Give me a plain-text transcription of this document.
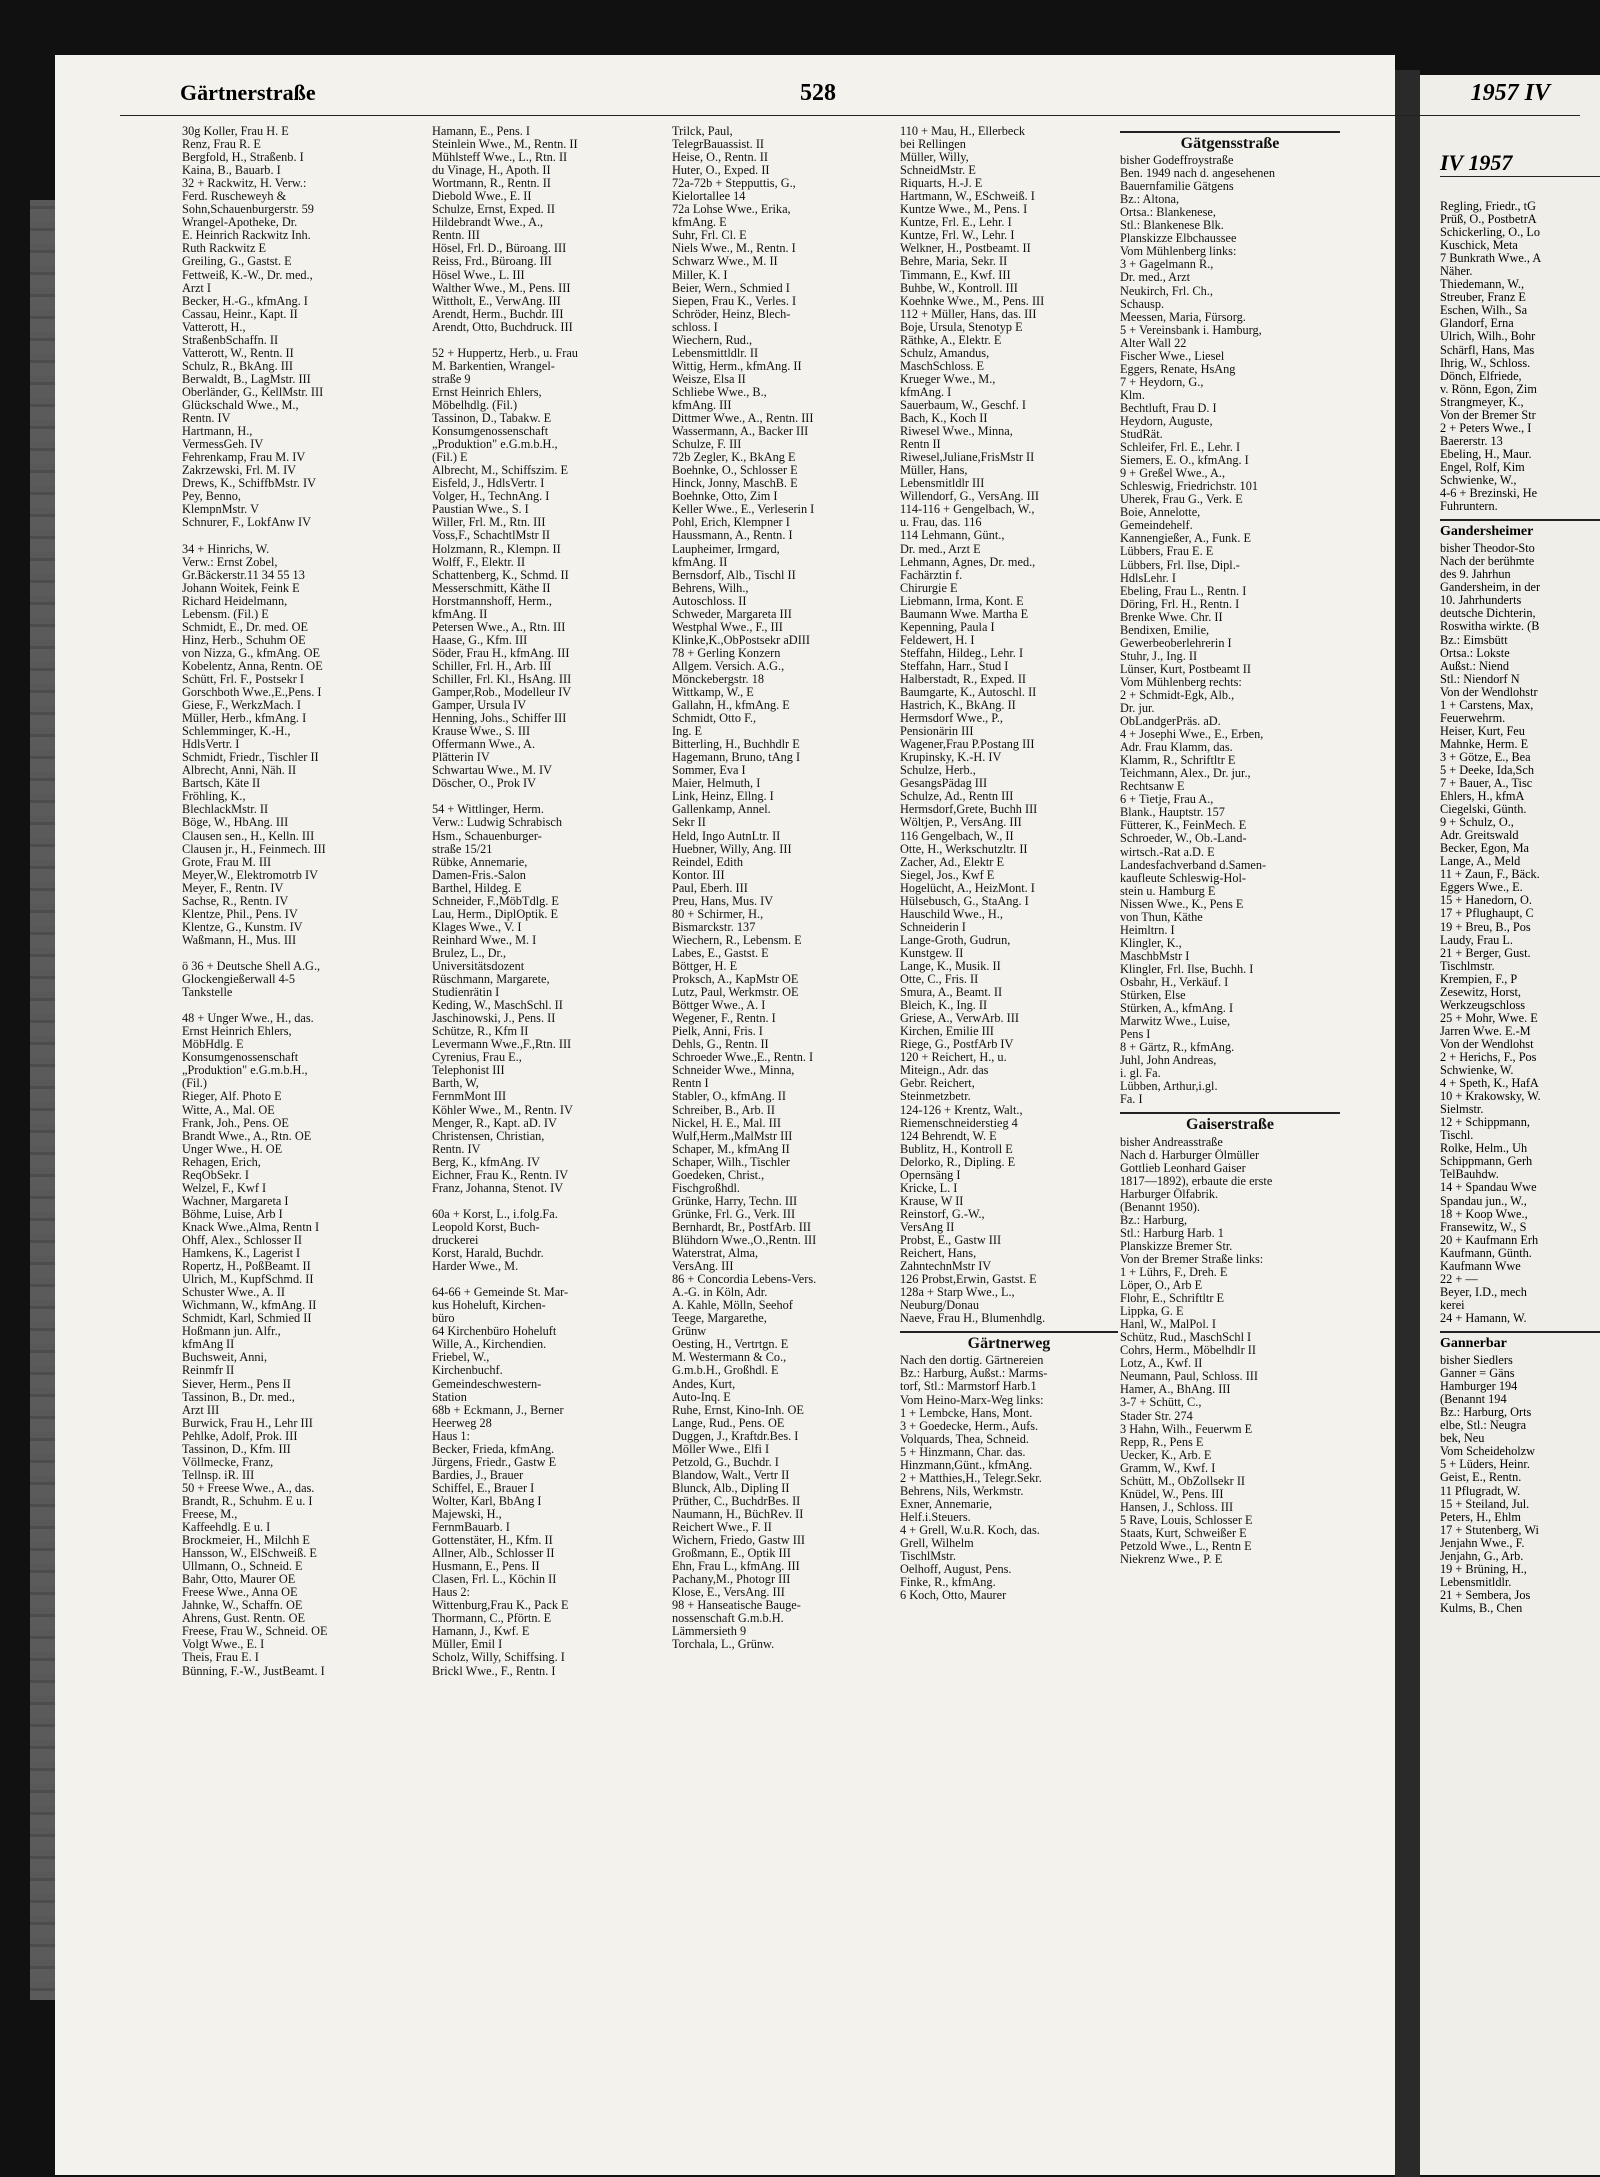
IV 1957
Regling, Friedr., tG
Prüß, O., PostbetrA
Schickerling, O., Lo
Kuschick, Meta
7 Bunkrath Wwe., A
Näher.
Thiedemann, W.,
Streuber, Franz E
Eschen, Wilh., Sa
Glandorf, Erna
Ulrich, Wilh., Bohr
Schärfl, Hans, Mas
Ihrig, W., Schloss.
Dönch, Elfriede,
v. Rönn, Egon, Zim
Strangmeyer, K.,
Von der Bremer Str
2 + Peters Wwe., I
Baererstr. 13
Ebeling, H., Maur.
Engel, Rolf, Kim
Schwienke, W.,
4-6 + Brezinski, He
Fuhruntern.
Gandersheimer
bisher Theodor-Sto
Nach der berühmte
des 9. Jahrhun
Gandersheim, in der
10. Jahrhunderts
deutsche Dichterin,
Roswitha wirkte. (B
Bz.: Eimsbütt
Ortsa.: Lokste
Außst.: Niend
Stl.: Niendorf N
Von der Wendlohstr
1 + Carstens, Max,
Feuerwehrm.
Heiser, Kurt, Feu
Mahnke, Herm. E
3 + Götze, E., Bea
5 + Deeke, Ida,Sch
7 + Bauer, A., Tisc
Ehlers, H., kfmA
Ciegelski, Günth.
9 + Schulz, O.,
Adr. Greitswald
Becker, Egon, Ma
Lange, A., Meld
11 + Zaun, F., Bäck.
Eggers Wwe., E.
15 + Hanedorn, O.
17 + Pflughaupt, C
19 + Breu, B., Pos
Laudy, Frau L.
21 + Berger, Gust.
Tischlmstr.
Krempien, F., P
Zesewitz, Horst,
Werkzeugschloss
25 + Mohr, Wwe. E
Jarren Wwe. E.-M
Von der Wendlohst
2 + Herichs, F., Pos
Schwienke, W.
4 + Speth, K., HafA
10 + Krakowsky, W.
Sielmstr.
12 + Schippmann,
Tischl.
Rolke, Helm., Uh
Schippmann, Gerh
TelBauhdw.
14 + Spandau Wwe
Spandau jun., W.,
18 + Koop Wwe.,
Fransewitz, W., S
20 + Kaufmann Erh
Kaufmann, Günth.
Kaufmann Wwe
22 + —
Beyer, I.D., mech
kerei
24 + Hamann, W.
Gannerbar
bisher Siedlers
Ganner = Gäns
Hamburger 194
(Benannt 194
Bz.: Harburg, Orts
elbe, Stl.: Neugra
bek, Neu
Vom Scheideholzw
5 + Lüders, Heinr.
Geist, E., Rentn.
11 Pflugradt, W.
15 + Steiland, Jul.
Peters, H., Ehlm
17 + Stutenberg, Wi
Jenjahn Wwe., F.
Jenjahn, G., Arb.
19 + Brüning, H.,
Lebensmitldlr.
21 + Sembera, Jos
Kulms, B., Chen
Gärtnerstraße	528	1957 IV
30g Koller, Frau H. E
Renz, Frau R. E
Bergfold, H., Straßenb. I
Kaina, B., Bauarb. I
32 + Rackwitz, H. Verw.:
Ferd. Ruscheweyh &
Sohn,Schauenburgerstr. 59
Wrangel-Apotheke, Dr.
E. Heinrich Rackwitz Inh.
Ruth Rackwitz E
Greiling, G., Gastst. E
Fettweiß, K.-W., Dr. med.,
Arzt I
Becker, H.-G., kfmAng. I
Cassau, Heinr., Kapt. II
Vatterott, H.,
StraßenbSchaffn. II
Vatterott, W., Rentn. II
Schulz, R., BkAng. III
Berwaldt, B., LagMstr. III
Oberländer, G., KellMstr. III
Glückschald Wwe., M.,
Rentn. IV
Hartmann, H.,
VermessGeh. IV
Fehrenkamp, Frau M. IV
Zakrzewski, Frl. M. IV
Drews, K., SchiffbMstr. IV
Pey, Benno,
KlempnMstr. V
Schnurer, F., LokfAnw IV

34 + Hinrichs, W.
Verw.: Ernst Zobel,
Gr.Bäckerstr.11 34 55 13
Johann Woitek, Feink E
Richard Heidelmann,
Lebensm. (Fil.) E
Schmidt, E., Dr. med. OE
Hinz, Herb., Schuhm OE
von Nizza, G., kfmAng. OE
Kobelentz, Anna, Rentn. OE
Schütt, Frl. F., Postsekr I
Gorschboth Wwe.,E.,Pens. I
Giese, F., WerkzMach. I
Müller, Herb., kfmAng. I
Schlemminger, K.-H.,
HdlsVertr. I
Schmidt, Friedr., Tischler II
Albrecht, Anni, Näh. II
Bartsch, Käte II
Fröhling, K.,
BlechlackMstr. II
Böge, W., HbAng. III
Clausen sen., H., Kelln. III
Clausen jr., H., Feinmech. III
Grote, Frau M. III
Meyer,W., Elektromotrb IV
Meyer, F., Rentn. IV
Sachse, R., Rentn. IV
Klentze, Phil., Pens. IV
Klentze, G., Kunstm. IV
Waßmann, H., Mus. III

ö 36 + Deutsche Shell A.G.,
Glockengießerwall 4-5
Tankstelle

48 + Unger Wwe., H., das.
Ernst Heinrich Ehlers,
MöbHdlg. E
Konsumgenossenschaft
„Produktion" e.G.m.b.H.,
(Fil.)
Rieger, Alf. Photo E
Witte, A., Mal. OE
Frank, Joh., Pens. OE
Brandt Wwe., A., Rtn. OE
Unger Wwe., H. OE
Rehagen, Erich,
ReqObSekr. I
Welzel, F., Kwf I
Wachner, Margareta I
Böhme, Luise, Arb I
Knack Wwe.,Alma, Rentn I
Ohff, Alex., Schlosser II
Hamkens, K., Lagerist I
Ropertz, H., PoßBeamt. II
Ulrich, M., KupfSchmd. II
Schuster Wwe., A. II
Wichmann, W., kfmAng. II
Schmidt, Karl, Schmied II
Hoßmann jun. Alfr.,
kfmAng II
Buchsweit, Anni,
Reinmfr II
Siever, Herm., Pens II
Tassinon, B., Dr. med.,
Arzt III
Burwick, Frau H., Lehr III
Pehlke, Adolf, Prok. III
Tassinon, D., Kfm. III
Völlmecke, Franz,
Tellnsp. iR. III
50 + Freese Wwe., A., das.
Brandt, R., Schuhm. E u. I
Freese, M.,
Kaffeehdlg. E u. I
Brockmeier, H., Milchh E
Hansson, W., ElSchweiß. E
Ullmann, O., Schneid. E
Bahr, Otto, Maurer OE
Freese Wwe., Anna OE
Jahnke, W., Schaffn. OE
Ahrens, Gust. Rentn. OE
Freese, Frau W., Schneid. OE
Volgt Wwe., E. I
Theis, Frau E. I
Bünning, F.-W., JustBeamt. I
Hamann, E., Pens. I
Steinlein Wwe., M., Rentn. II
Mühlsteff Wwe., L., Rtn. II
du Vinage, H., Apoth. II
Wortmann, R., Rentn. II
Diebold Wwe., E. II
Schulze, Ernst, Exped. II
Hildebrandt Wwe., A.,
Rentn. III
Hösel, Frl. D., Büroang. III
Reiss, Frd., Büroang. III
Hösel Wwe., L. III
Walther Wwe., M., Pens. III
Wittholt, E., VerwAng. III
Arendt, Herm., Buchdr. III
Arendt, Otto, Buchdruck. III

52 + Huppertz, Herb., u. Frau
M. Barkentien, Wrangel-
straße 9
Ernst Heinrich Ehlers,
Möbelhdlg. (Fil.)
Tassinon, D., Tabakw. E
Konsumgenossenschaft
„Produktion" e.G.m.b.H.,
(Fil.) E
Albrecht, M., Schiffszim. E
Eisfeld, J., HdlsVertr. I
Volger, H., TechnAng. I
Paustian Wwe., S. I
Willer, Frl. M., Rtn. III
Voss,F., SchachtlMstr II
Holzmann, R., Klempn. II
Wolff, F., Elektr. II
Schattenberg, K., Schmd. II
Messerschmitt, Käthe II
Horstmannshoff, Herm.,
kfmAng. II
Petersen Wwe., A., Rtn. III
Haase, G., Kfm. III
Söder, Frau H., kfmAng. III
Schiller, Frl. H., Arb. III
Schiller, Frl. Kl., HsAng. III
Gamper,Rob., Modelleur IV
Gamper, Ursula IV
Henning, Johs., Schiffer III
Krause Wwe., S. III
Offermann Wwe., A.
Plätterin IV
Schwartau Wwe., M. IV
Döscher, O., Prok IV

54 + Wittlinger, Herm.
Verw.: Ludwig Schrabisch
Hsm., Schauenburger-
straße 15/21
Rübke, Annemarie,
Damen-Fris.-Salon
Barthel, Hildeg. E
Schneider, F.,MöbTdlg. E
Lau, Herm., DiplOptik. E
Klages Wwe., V. I
Reinhard Wwe., M. I
Brulez, L., Dr.,
Universitätsdozent
Rüschmann, Margarete,
Studienrätin I
Keding, W., MaschSchl. II
Jaschinowski, J., Pens. II
Schütze, R., Kfm II
Levermann Wwe.,F.,Rtn. III
Cyrenius, Frau E.,
Telephonist III
Barth, W,
FernmMont III
Köhler Wwe., M., Rentn. IV
Menger, R., Kapt. aD. IV
Christensen, Christian,
Rentn. IV
Berg, K., kfmAng. IV
Eichner, Frau K., Rentn. IV
Franz, Johanna, Stenot. IV

60a + Korst, L., i.folg.Fa.
Leopold Korst, Buch-
druckerei
Korst, Harald, Buchdr.
Harder Wwe., M.

64-66 + Gemeinde St. Mar-
kus Hoheluft, Kirchen-
büro
64 Kirchenbüro Hoheluft
Wille, A., Kirchendien.
Friebel, W.,
Kirchenbuchf.
Gemeindeschwestern-
Station
68b + Eckmann, J., Berner
Heerweg 28
Haus 1:
Becker, Frieda, kfmAng.
Jürgens, Friedr., Gastw E
Bardies, J., Brauer
Schiffel, E., Brauer I
Wolter, Karl, BbAng I
Majewski, H.,
FernmBauarb. I
Gottenstäter, H., Kfm. II
Allner, Alb., Schlosser II
Husmann, E., Pens. II
Clasen, Frl. L., Köchin II
Haus 2:
Wittenburg,Frau K., Pack E
Thormann, C., Pförtn. E
Hamann, J., Kwf. E
Müller, Emil I
Scholz, Willy, Schiffsing. I
Brickl Wwe., F., Rentn. I
Trilck, Paul,
TelegrBauassist. II
Heise, O., Rentn. II
Huter, O., Exped. II
72a-72b + Stepputtis, G.,
Kielortallee 14
72a Lohse Wwe., Erika,
kfmAng. E
Suhr, Frl. Cl. E
Niels Wwe., M., Rentn. I
Schwarz Wwe., M. II
Miller, K. I
Beier, Wern., Schmied I
Siepen, Frau K., Verles. I
Schröder, Heinz, Blech-
schloss. I
Wiechern, Rud.,
Lebensmittldlr. II
Wittig, Herm., kfmAng. II
Weisze, Elsa II
Schliebe Wwe., B.,
kfmAng. III
Dittmer Wwe., A., Rentn. III
Wassermann, A., Backer III
Schulze, F. III
72b Zegler, K., BkAng E
Boehnke, O., Schlosser E
Hinck, Jonny, MaschB. E
Boehnke, Otto, Zim I
Keller Wwe., E., Verleserin I
Pohl, Erich, Klempner I
Haussmann, A., Rentn. I
Laupheimer, Irmgard,
kfmAng. II
Bernsdorf, Alb., Tischl II
Behrens, Wilh.,
Autoschloss. II
Schweder, Margareta III
Westphal Wwe., F., III
Klinke,K.,ObPostsekr aDIII
78 + Gerling Konzern
Allgem. Versich. A.G.,
Mönckebergstr. 18
Wittkamp, W., E
Gallahn, H., kfmAng. E
Schmidt, Otto F.,
Ing. E
Bitterling, H., Buchhdlr E
Hagemann, Bruno, tAng I
Sommer, Eva I
Maier, Helmuth, I
Link, Heinz, Ellng. I
Gallenkamp, Annel.
Sekr II
Held, Ingo AutnLtr. II
Huebner, Willy, Ang. III
Reindel, Edith
Kontor. III
Paul, Eberh. III
Preu, Hans, Mus. IV
80 + Schirmer, H.,
Bismarckstr. 137
Wiechern, R., Lebensm. E
Labes, E., Gastst. E
Böttger, H. E
Proksch, A., KapMstr OE
Lutz, Paul, Werkmstr. OE
Böttger Wwe., A. I
Wegener, F., Rentn. I
Pielk, Anni, Fris. I
Dehls, G., Rentn. II
Schroeder Wwe.,E., Rentn. I
Schneider Wwe., Minna,
Rentn I
Stabler, O., kfmAng. II
Schreiber, B., Arb. II
Nickel, H. E., Mal. III
Wulf,Herm.,MalMstr III
Schaper, M., kfmAng II
Schaper, Wilh., Tischler
Goedeken, Christ.,
Fischgroßhdl.
Grünke, Harry, Techn. III
Grünke, Frl. G., Verk. III
Bernhardt, Br., PostfArb. III
Blühdorn Wwe.,O.,Rentn. III
Waterstrat, Alma,
VersAng. III
86 + Concordia Lebens-Vers.
A.-G. in Köln, Adr.
A. Kahle, Mölln, Seehof
Teege, Margarethe,
Grünw
Oesting, H., Vertrtgn. E
M. Westermann & Co.,
G.m.b.H., Großhdl. E
Andes, Kurt,
Auto-Inq. E
Ruhe, Ernst, Kino-Inh. OE
Lange, Rud., Pens. OE
Duggen, J., Kraftdr.Bes. I
Möller Wwe., Elfi I
Petzold, G., Buchdr. I
Blandow, Walt., Vertr II
Blunck, Alb., Dipling II
Prüther, C., BuchdrBes. II
Naumann, H., BüchRev. II
Reichert Wwe., F. II
Wichern, Friedo, Gastw III
Großmann, E., Optik III
Ehn, Frau L., kfmAng. III
Pachany,M., Photogr III
Klose, E., VersAng. III
98 + Hanseatische Bauge-
nossenschaft G.m.b.H.
Lämmersieth 9
Torchala, L., Grünw.
110 + Mau, H., Ellerbeck
bei Rellingen
Müller, Willy,
SchneidMstr. E
Riquarts, H.-J. E
Hartmann, W., ESchweiß. I
Kuntze Wwe., M., Pens. I
Kuntze, Frl. E., Lehr. I
Kuntze, Frl. W., Lehr. I
Welkner, H., Postbeamt. II
Behre, Maria, Sekr. II
Timmann, E., Kwf. III
Buhbe, W., Kontroll. III
Koehnke Wwe., M., Pens. III
112 + Müller, Hans, das. III
Boje, Ursula, Stenotyp E
Räthke, A., Elektr. E
Schulz, Amandus,
MaschSchloss. E
Krueger Wwe., M.,
kfmAng. I
Sauerbaum, W., Geschf. I
Bach, K., Koch II
Riwesel Wwe., Minna,
Rentn II
Riwesel,Juliane,FrisMstr II
Müller, Hans,
Lebensmitldlr III
Willendorf, G., VersAng. III
114-116 + Gengelbach, W.,
u. Frau, das. 116
114 Lehmann, Günt.,
Dr. med., Arzt E
Lehmann, Agnes, Dr. med.,
Fachärztin f.
Chirurgie E
Liebmann, Irma, Kont. E
Baumann Wwe. Martha E
Kepenning, Paula I
Feldewert, H. I
Steffahn, Hildeg., Lehr. I
Steffahn, Harr., Stud I
Halberstadt, R., Exped. II
Baumgarte, K., Autoschl. II
Hastrich, K., BkAng. II
Hermsdorf Wwe., P.,
Pensionärin III
Wagener,Frau P.Postang III
Krupinsky, K.-H. IV
Schulze, Herb.,
GesangsPädag III
Schulze, Ad., Rentn III
Hermsdorf,Grete, Buchh III
Wöltjen, P., VersAng. III
116 Gengelbach, W., II
Otte, H., Werkschutzltr. II
Zacher, Ad., Elektr E
Siegel, Jos., Kwf E
Hogelücht, A., HeizMont. I
Hülsebusch, G., StaAng. I
Hauschild Wwe., H.,
Schneiderin I
Lange-Groth, Gudrun,
Kunstgew. II
Lange, K., Musik. II
Otte, C., Fris. II
Smura, A., Beamt. II
Bleich, K., Ing. II
Griese, A., VerwArb. III
Kirchen, Emilie III
Riege, G., PostfArb IV
120 + Reichert, H., u.
Miteign., Adr. das
Gebr. Reichert,
Steinmetzbetr.
124-126 + Krentz, Walt.,
Riemenschneiderstieg 4
124 Behrendt, W. E
Bublitz, H., Kontroll E
Delorko, R., Dipling. E
Opernsäng I
Kricke, L. I
Krause, W II
Reinstorf, G.-W.,
VersAng II
Probst, E., Gastw III
Reichert, Hans,
ZahntechnMstr IV
126 Probst,Erwin, Gastst. E
128a + Starp Wwe., L.,
Neuburg/Donau
Naeve, Frau H., Blumenhdlg.
Gärtnerweg
Nach den dortig. Gärtnereien
Bz.: Harburg, Außst.: Marms-
torf, Stl.: Marmstorf Harb.1
Vom Heino-Marx-Weg links:
1 + Lembcke, Hans, Mont.
3 + Goedecke, Herm., Aufs.
Volquards, Thea, Schneid.
5 + Hinzmann, Char. das.
Hinzmann,Günt., kfmAng.
2 + Matthies,H., Telegr.Sekr.
Behrens, Nils, Werkmstr.
Exner, Annemarie,
Helf.i.Steuers.
4 + Grell, W.u.R. Koch, das.
Grell, Wilhelm
TischlMstr.
Oelhoff, August, Pens.
Finke, R., kfmAng.
6 Koch, Otto, Maurer
Gätgensstraße
bisher Godeffroystraße
Ben. 1949 nach d. angesehenen
Bauernfamilie Gätgens
Bz.: Altona,
Ortsa.: Blankenese,
Stl.: Blankenese Blk.
Planskizze Elbchaussee
Vom Mühlenberg links:
3 + Gagelmann R.,
Dr. med., Arzt
Neukirch, Frl. Ch.,
Schausp.
Meessen, Maria, Fürsorg.
5 + Vereinsbank i. Hamburg,
Alter Wall 22
Fischer Wwe., Liesel
Eggers, Renate, HsAng
7 + Heydorn, G.,
Klm.
Bechtluft, Frau D. I
Heydorn, Auguste,
StudRät.
Schleifer, Frl. E., Lehr. I
Siemers, E. O., kfmAng. I
9 + Greßel Wwe., A.,
Schleswig, Friedrichstr. 101
Uherek, Frau G., Verk. E
Boie, Annelotte,
Gemeindehelf.
Kannengießer, A., Funk. E
Lübbers, Frau E. E
Lübbers, Frl. Ilse, Dipl.-
HdlsLehr. I
Ebeling, Frau L., Rentn. I
Döring, Frl. H., Rentn. I
Brenke Wwe. Chr. II
Bendixen, Emilie,
Gewerbeoberlehrerin I
Stuhr, J., Ing. II
Lünser, Kurt, Postbeamt II
Vom Mühlenberg rechts:
2 + Schmidt-Egk, Alb.,
Dr. jur.
ObLandgerPräs. aD.
4 + Josephi Wwe., E., Erben,
Adr. Frau Klamm, das.
Klamm, R., Schriftltr E
Teichmann, Alex., Dr. jur.,
Rechtsanw E
6 + Tietje, Frau A.,
Blank., Hauptstr. 157
Fütterer, K., FeinMech. E
Schroeder, W., Ob.-Land-
wirtsch.-Rat a.D. E
Landesfachverband d.Samen-
kaufleute Schleswig-Hol-
stein u. Hamburg E
Nissen Wwe., K., Pens E
von Thun, Käthe
Heimltrn. I
Klingler, K.,
MaschbMstr I
Klingler, Frl. Ilse, Buchh. I
Osbahr, H., Verkäuf. I
Stürken, Else
Stürken, A., kfmAng. I
Marwitz Wwe., Luise,
Pens I
8 + Gärtz, R., kfmAng.
Juhl, John Andreas,
i. gl. Fa.
Lübben, Arthur,i.gl.
Fa. I
Gaiserstraße
bisher Andreasstraße
Nach d. Harburger Ölmüller
Gottlieb Leonhard Gaiser
1817—1892), erbaute die erste
Harburger Ölfabrik.
(Benannt 1950).
Bz.: Harburg,
Stl.: Harburg Harb. 1
Planskizze Bremer Str.
Von der Bremer Straße links:
1 + Lührs, F., Dreh. E
Löper, O., Arb E
Flohr, E., Schriftltr E
Lippka, G. E
Hanl, W., MalPol. I
Schütz, Rud., MaschSchl I
Cohrs, Herm., Möbelhdlr II
Lotz, A., Kwf. II
Neumann, Paul, Schloss. III
Hamer, A., BhAng. III
3-7 + Schütt, C.,
Stader Str. 274
3 Hahn, Wilh., Feuerwm E
Repp, R., Pens E
Uecker, K., Arb. E
Gramm, W., Kwf. I
Schütt, M., ObZollsekr II
Knüdel, W., Pens. III
Hansen, J., Schloss. III
5 Rave, Louis, Schlosser E
Staats, Kurt, Schweißer E
Petzold Wwe., L., Rentn E
Niekrenz Wwe., P. E
